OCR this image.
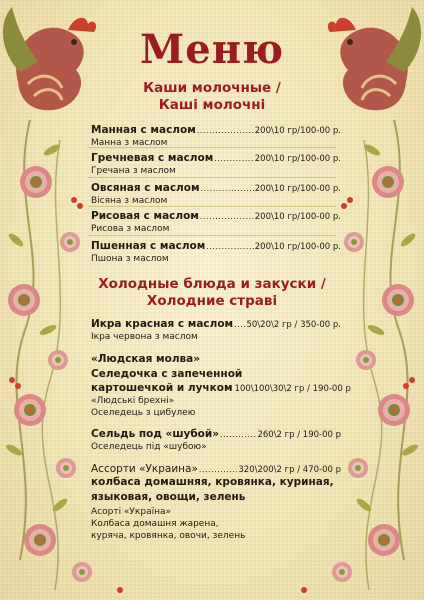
Меню
Каши молочные /
Каші молочні
Манная с маслом .....	200\10 гр/100-00 р.
Манна з маслом
Гречневая с маслом .....	200\10 гр/100-00 р.
Гречана з маслом
Овсяная с маслом .....	200\10 гр/100-00 р.
Вісяна з маслом
Рисовая с маслом .....	200\10 гр/100-00 р.
Рисова з маслом
Пшенная с маслом .....	200\10 гр/100-00 р.
Пшона з маслом
Холодные блюда и закуски /
Холодние страві
Икра красная с маслом ..... 50\20\2 гр / 350-00 р.
Ікра червона з маслом
«Людская молва»
Селедочка с запеченной
картошечкой и лучком 100\100\30\2 гр / 190-00 р
«Людські брехні»
Оселедець з цибулею
Сельдь под «шубой» .....	260\2 гр / 190-00 р
Оселедець під «шубою»
Ассорти «Украина» .....	320\200\2 гр / 470-00 р
колбаса домашняя, кровянка, куриная,
языковая, овощи, зелень
Асорті «Україна»
Колбаса домашня жарена,
куряча, кровянка, овочи, зелень
